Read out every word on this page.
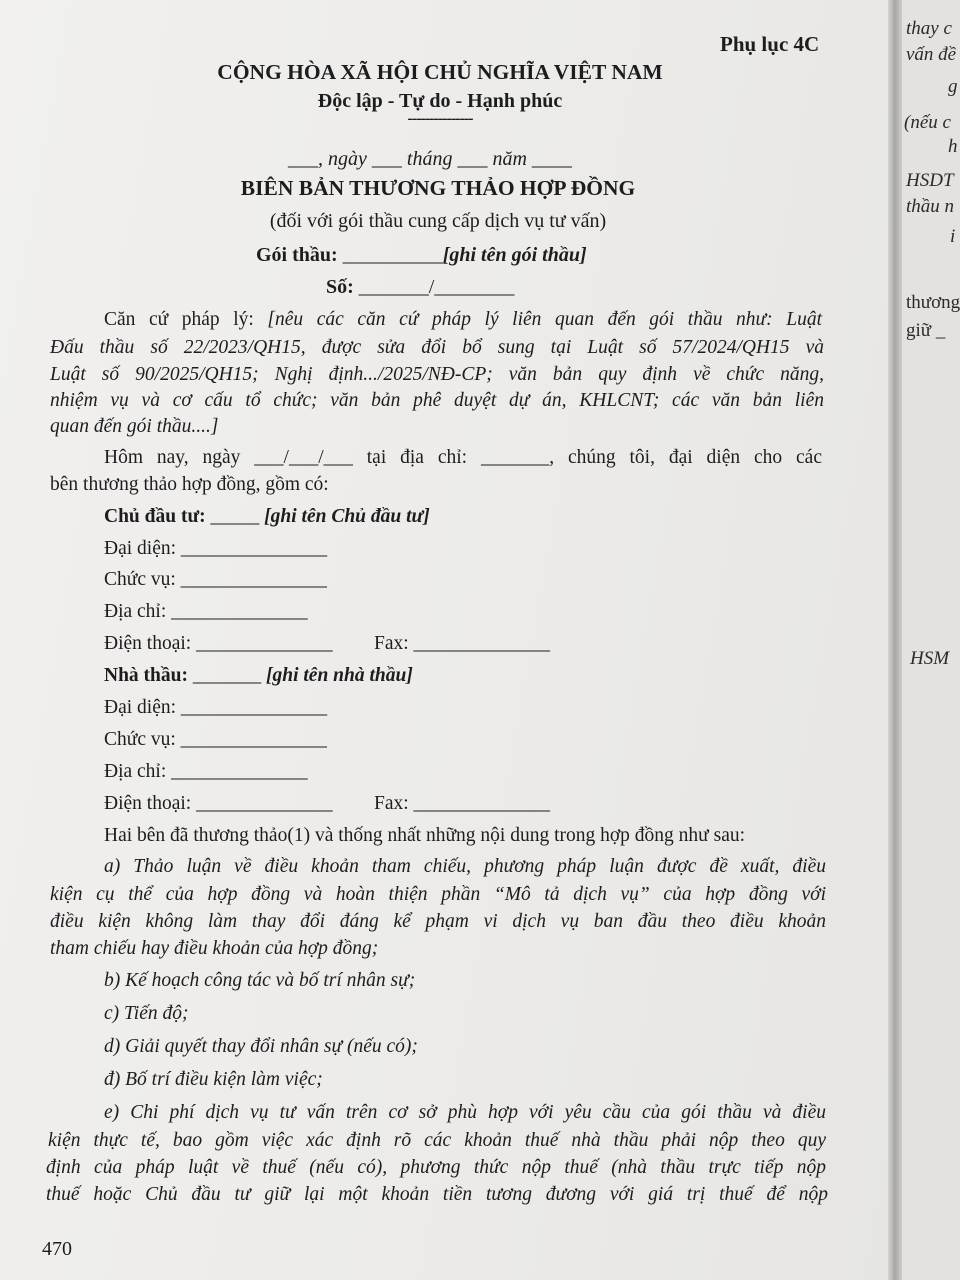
Phụ lục 4C
CỘNG HÒA XÃ HỘI CHỦ NGHĨA VIỆT NAM
Độc lập - Tự do - Hạnh phúc
---------------
___, ngày ___ tháng ___ năm ____
BIÊN BẢN THƯƠNG THẢO HỢP ĐỒNG
(đối với gói thầu cung cấp dịch vụ tư vấn)
Gói thầu: __________[ghi tên gói thầu]
Số: _______/________
Căn cứ pháp lý: [nêu các căn cứ pháp lý liên quan đến gói thầu như: Luật
Đấu thầu số 22/2023/QH15, được sửa đổi bổ sung tại Luật số 57/2024/QH15 và
Luật số 90/2025/QH15; Nghị định.../2025/NĐ-CP; văn bản quy định về chức năng,
nhiệm vụ và cơ cấu tổ chức; văn bản phê duyệt dự án, KHLCNT; các văn bản liên
quan đến gói thầu....]
Hôm nay, ngày ___/___/___ tại địa chỉ: _______, chúng tôi, đại diện cho các
bên thương thảo hợp đồng, gồm có:
Chủ đầu tư: _____ [ghi tên Chủ đầu tư]
Đại diện: _______________
Chức vụ: _______________
Địa chỉ: ______________
Điện thoại: ______________ Fax: ______________
Nhà thầu: _______ [ghi tên nhà thầu]
Đại diện: _______________
Chức vụ: _______________
Địa chỉ: ______________
Điện thoại: ______________ Fax: ______________
Hai bên đã thương thảo(1) và thống nhất những nội dung trong hợp đồng như sau:
a) Thảo luận về điều khoản tham chiếu, phương pháp luận được đề xuất, điều
kiện cụ thể của hợp đồng và hoàn thiện phần “Mô tả dịch vụ” của hợp đồng với
điều kiện không làm thay đổi đáng kể phạm vi dịch vụ ban đầu theo điều khoản
tham chiếu hay điều khoản của hợp đồng;
b) Kế hoạch công tác và bố trí nhân sự;
c) Tiến độ;
d) Giải quyết thay đổi nhân sự (nếu có);
đ) Bố trí điều kiện làm việc;
e) Chi phí dịch vụ tư vấn trên cơ sở phù hợp với yêu cầu của gói thầu và điều
kiện thực tế, bao gồm việc xác định rõ các khoản thuế nhà thầu phải nộp theo quy
định của pháp luật về thuế (nếu có), phương thức nộp thuế (nhà thầu trực tiếp nộp
thuế hoặc Chủ đầu tư giữ lại một khoản tiền tương đương với giá trị thuế để nộp
470
thay c
vấn đề
g
(nếu c
h
HSDT
thầu n
i
thương
giữ _
HSM
